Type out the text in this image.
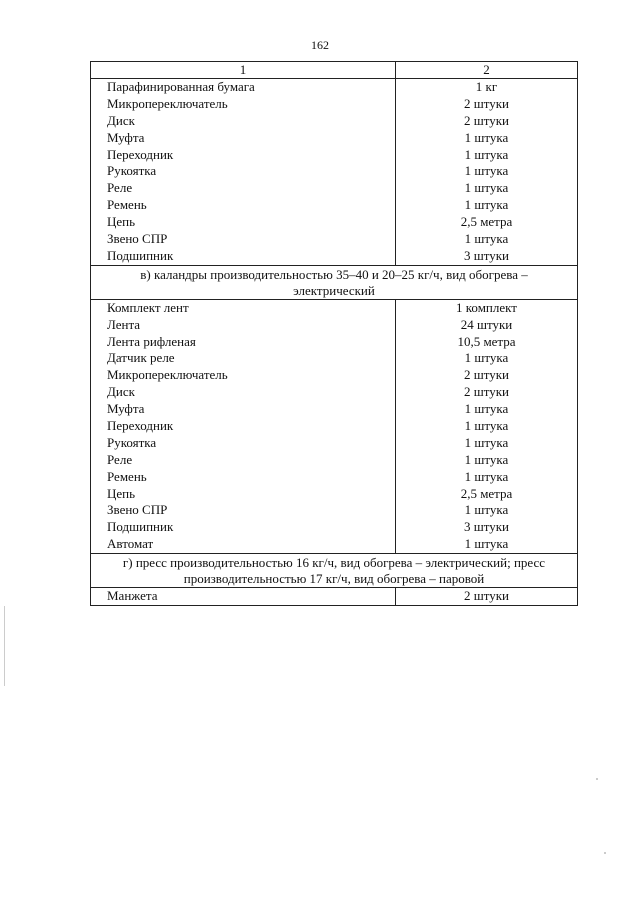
162
1	2
Парафинированная бумага	1 кг
Микропереключатель	2 штуки
Диск	2 штуки
Муфта	1 штука
Переходник	1 штука
Рукоятка	1 штука
Реле	1 штука
Ремень	1 штука
Цепь	2,5 метра
Звено СПР	1 штука
Подшипник	3 штуки
в) каландры производительностью 35–40 и 20–25 кг/ч, вид обогрева – электрический	
Комплект лент	1 комплект
Лента	24 штуки
Лента рифленая	10,5 метра
Датчик реле	1 штука
Микропереключатель	2 штуки
Диск	2 штуки
Муфта	1 штука
Переходник	1 штука
Рукоятка	1 штука
Реле	1 штука
Ремень	1 штука
Цепь	2,5 метра
Звено СПР	1 штука
Подшипник	3 штуки
Автомат	1 штука
г) пресс производительностью 16 кг/ч, вид обогрева – электрический; пресс производительностью 17 кг/ч, вид обогрева – паровой	
Манжета	2 штуки
